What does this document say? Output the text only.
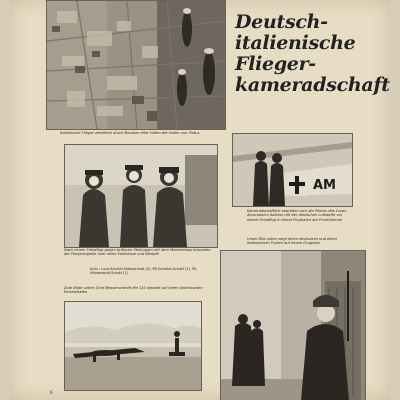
Deutsch-
italienische
Flieger-
kameradschaft
Italienische Flieger zerstören durch Bomben eifer Hafen der Hafen von Piräus
Nach einem Feindflug gegen britische Stellungen mit dem Meisterhaus besuchen der Fliegerkapelle über seine Erlebnisse und Kämpfe
Aufn.: Luce-Schott-Hildenbrandt (2), PK-Schröter-Schott (2), PK-Hildebrandt-Schott (1)
AM
Kameradschaftlich begrüßen sich die Piloten des Corpo Aeronautico Italiano mit der deutschen Luftwaffe vor einem Feindflug in ihrem Flughafen am Fronthimmel
Unser Bild unten zeigt einen deutschen und einen italienischen Posten auf einem Flugplatz
Zum Bilde unten: Eine Messerschmitt Me 110 wendet auf ihrem italienischen Einsatzhafen
6
